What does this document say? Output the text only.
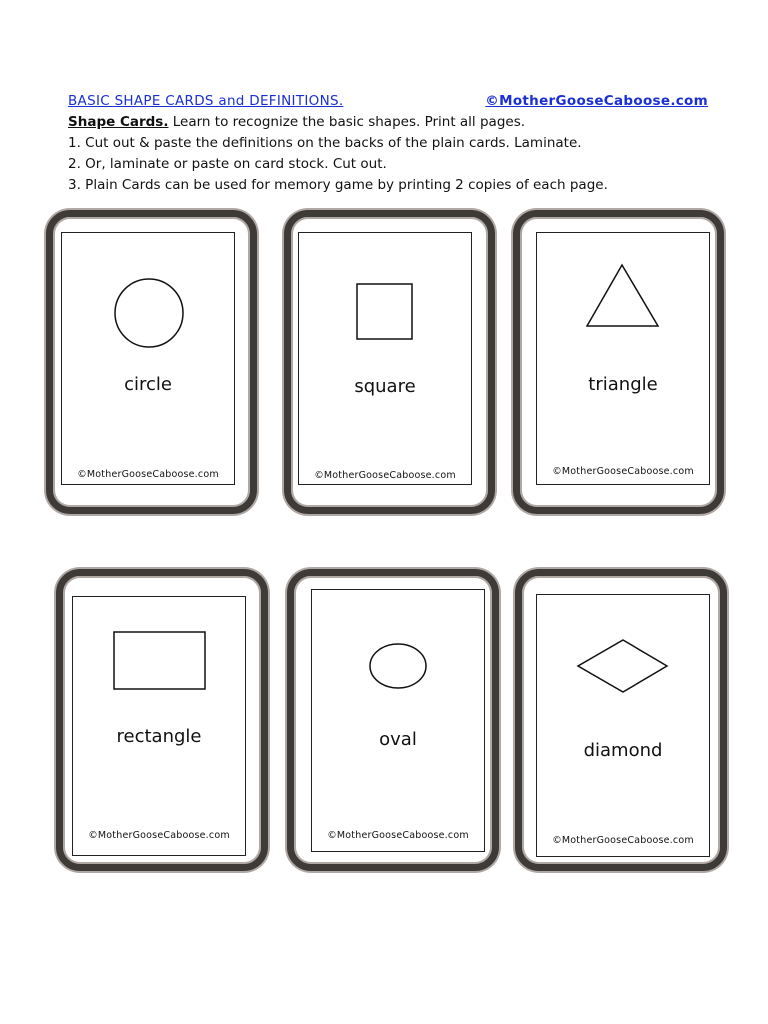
BASIC SHAPE CARDS and DEFINITIONS.	©MotherGooseCaboose.com
Shape Cards. Learn to recognize the basic shapes. Print all pages.
1. Cut out & paste the definitions on the backs of the plain cards. Laminate.
2. Or, laminate or paste on card stock. Cut out.
3. Plain Cards can be used for memory game by printing 2 copies of each page.
circle
©MotherGooseCaboose.com
square
©MotherGooseCaboose.com
triangle
©MotherGooseCaboose.com
rectangle
©MotherGooseCaboose.com
oval
©MotherGooseCaboose.com
diamond
©MotherGooseCaboose.com
